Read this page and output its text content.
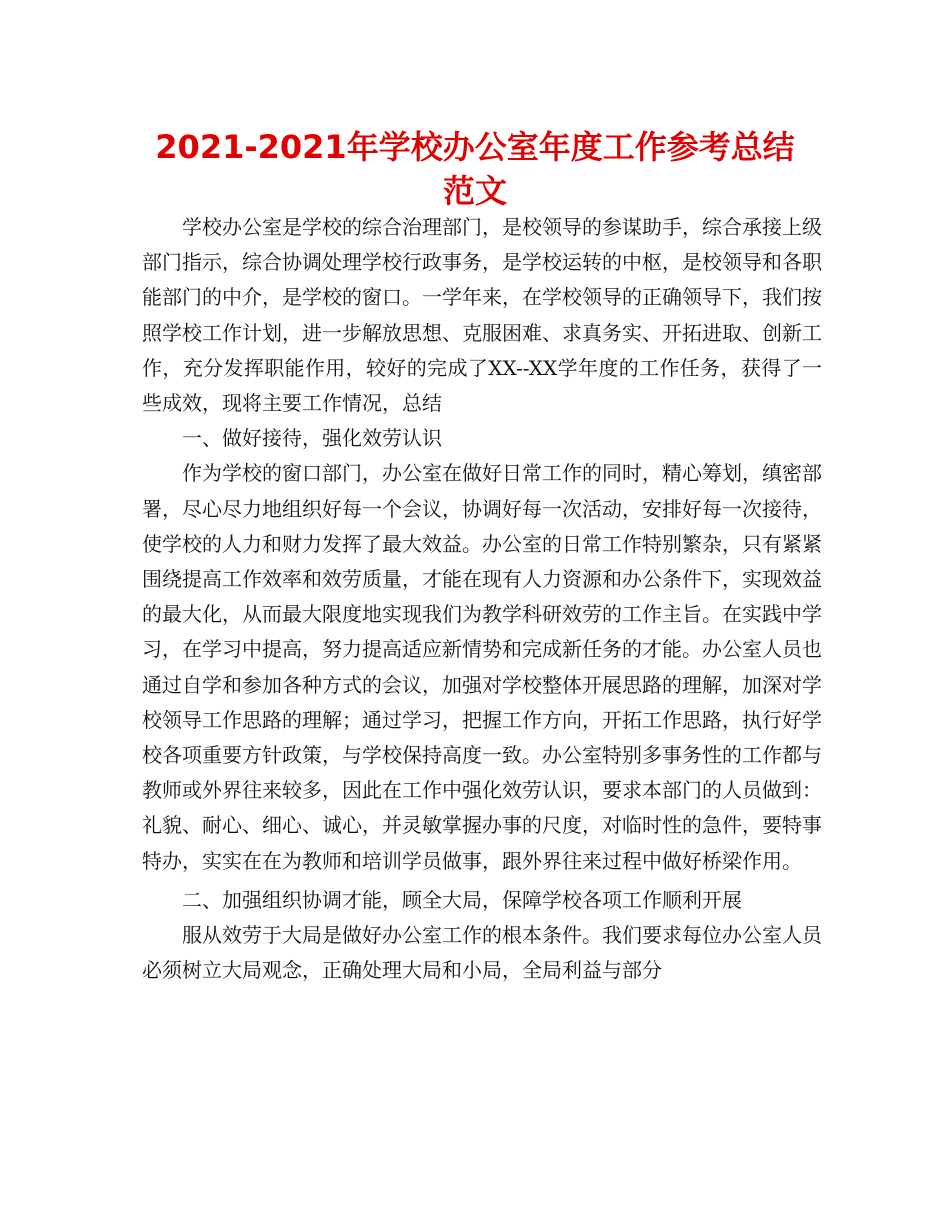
2021-2021年学校办公室年度工作参考总结范文

学校办公室是学校的综合治理部门，是校领导的参谋助手，综合承接上级部门指示，综合协调处理学校行政事务，是学校运转的中枢，是校领导和各职能部门的中介，是学校的窗口。一学年来，在学校领导的正确领导下，我们按照学校工作计划，进一步解放思想、克服困难、求真务实、开拓进取、创新工作，充分发挥职能作用，较好的完成了XX--XX学年度的工作任务，获得了一些成效，现将主要工作情况，总结

一、做好接待，强化效劳认识

作为学校的窗口部门，办公室在做好日常工作的同时，精心筹划，缜密部署，尽心尽力地组织好每一个会议，协调好每一次活动，安排好每一次接待，使学校的人力和财力发挥了最大效益。办公室的日常工作特别繁杂，只有紧紧围绕提高工作效率和效劳质量，才能在现有人力资源和办公条件下，实现效益的最大化，从而最大限度地实现我们为教学科研效劳的工作主旨。在实践中学习，在学习中提高，努力提高适应新情势和完成新任务的才能。办公室人员也通过自学和参加各种方式的会议，加强对学校整体开展思路的理解，加深对学校领导工作思路的理解；通过学习，把握工作方向，开拓工作思路，执行好学校各项重要方针政策，与学校保持高度一致。办公室特别多事务性的工作都与教师或外界往来较多，因此在工作中强化效劳认识，要求本部门的人员做到：礼貌、耐心、细心、诚心，并灵敏掌握办事的尺度，对临时性的急件，要特事特办，实实在在为教师和培训学员做事，跟外界往来过程中做好桥梁作用。

二、加强组织协调才能，顾全大局，保障学校各项工作顺利开展

服从效劳于大局是做好办公室工作的根本条件。我们要求每位办公室人员必须树立大局观念，正确处理大局和小局，全局利益与部分
